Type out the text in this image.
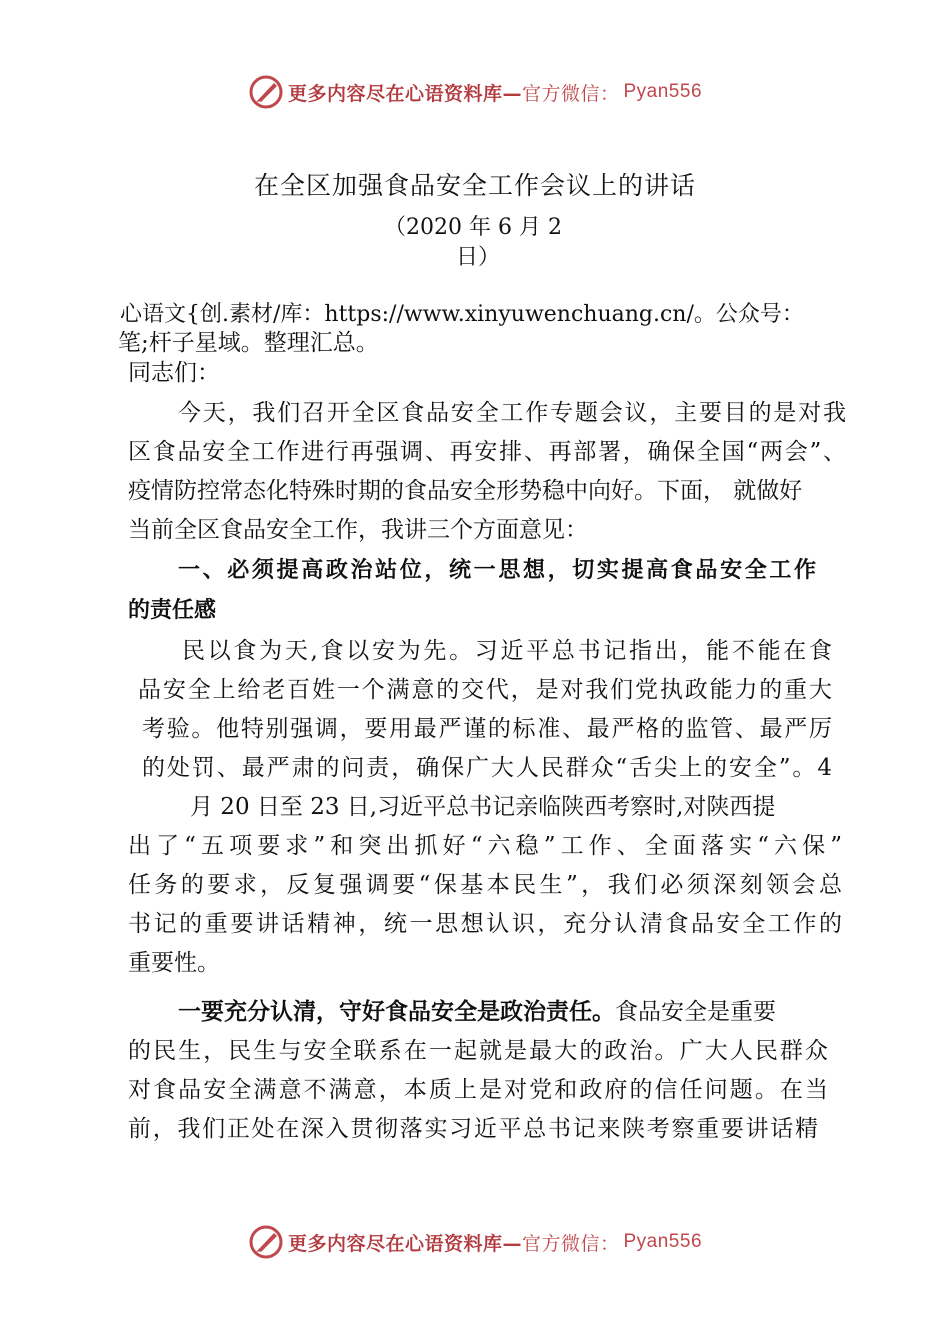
更多内容尽在心语资料库— 官方微信： Pyan556
在全区加强食品安全工作会议上的讲话
（2020 年 6 月 2
日）
心语文{创.素材/库：https://www.xinyuwenchuang.cn/。公众号：
笔;杆子星域。整理汇总。
同志们：
今天，我们召开全区食品安全工作专题会议，主要目的是对我
区食品安全工作进行再强调、再安排、再部署，确保全国“两会”、
疫情防控常态化特殊时期的食品安全形势稳中向好。下面， 就做好
当前全区食品安全工作，我讲三个方面意见：
一、必须提高政治站位，统一思想，切实提高食品安全工作
的责任感
民以食为天,食以安为先。习近平总书记指出，能不能在食
品安全上给老百姓一个满意的交代，是对我们党执政能力的重大
考验。他特别强调，要用最严谨的标准、最严格的监管、最严厉
的处罚、最严肃的问责，确保广大人民群众“舌尖上的安全”。4
月 20 日至 23 日,习近平总书记亲临陕西考察时,对陕西提
出了“五项要求”和突出抓好“六稳”工作、全面落实“六保”
任务的要求，反复强调要“保基本民生”，我们必须深刻领会总
书记的重要讲话精神，统一思想认识，充分认清食品安全工作的
重要性。
一要充分认清，守好食品安全是政治责任。食品安全是重要
的民生，民生与安全联系在一起就是最大的政治。广大人民群众
对食品安全满意不满意，本质上是对党和政府的信任问题。在当
前，我们正处在深入贯彻落实习近平总书记来陕考察重要讲话精
更多内容尽在心语资料库— 官方微信： Pyan556
